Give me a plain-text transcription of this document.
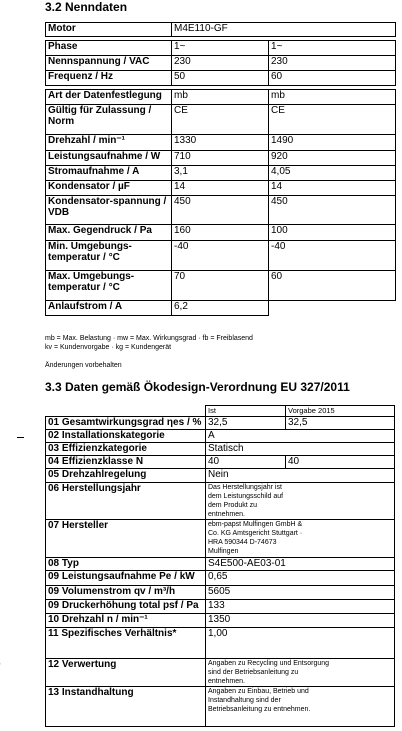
3.2 Nenndaten
Motor	M4E110-GF	

Phase	1~	1~
Nennspannung / VAC	230	230
Frequenz / Hz	50	60

Art der Datenfestlegung	mb	mb
Gültig für Zulassung / Norm	CE	CE
Drehzahl / min⁻¹	1330	1490
Leistungsaufnahme / W	710	920
Stromaufnahme / A	3,1	4,05
Kondensator / µF	14	14
Kondensator-spannung / VDB	450	450
Max. Gegendruck / Pa	160	100
Min. Umgebungs-temperatur / °C	-40	-40
Max. Umgebungs-temperatur / °C	70	60
Anlaufstrom / A	6,2	
mb = Max. Belastung · mw = Max. Wirkungsgrad · fb = Freiblasend
kv = Kundenvorgabe · kg = Kundengerät
Änderungen vorbehalten
3.3 Daten gemäß Ökodesign-Verordnung EU 327/2011
	Ist	Vorgabe 2015
01 Gesamtwirkungsgrad ηes / %	32,5	32,5
02 Installationskategorie	A	
03 Effizienzkategorie	Statisch	
04 Effizienzklasse N	40	40
05 Drehzahlregelung	Nein	
06 Herstellungsjahr	Das Herstellungsjahr ist dem Leistungsschild auf dem Produkt zu entnehmen.	
07 Hersteller	ebm-papst Mulfingen GmbH & Co. KG Amtsgericht Stuttgart · HRA 590344 D-74673 Mulfingen	
08 Typ	S4E500-AE03-01	
09 Leistungsaufnahme Pe / kW	0,65	
09 Volumenstrom qv / m³/h	5605	
09 Druckerhöhung total psf / Pa	133	
10 Drehzahl n / min⁻¹	1350	
11 Spezifisches Verhältnis*	1,00	
12 Verwertung	Angaben zu Recycling und Entsorgung sind der Betriebsanleitung zu entnehmen.	
13 Instandhaltung	Angaben zu Einbau, Betrieb und Instandhaltung sind der Betriebsanleitung zu entnehmen.	
